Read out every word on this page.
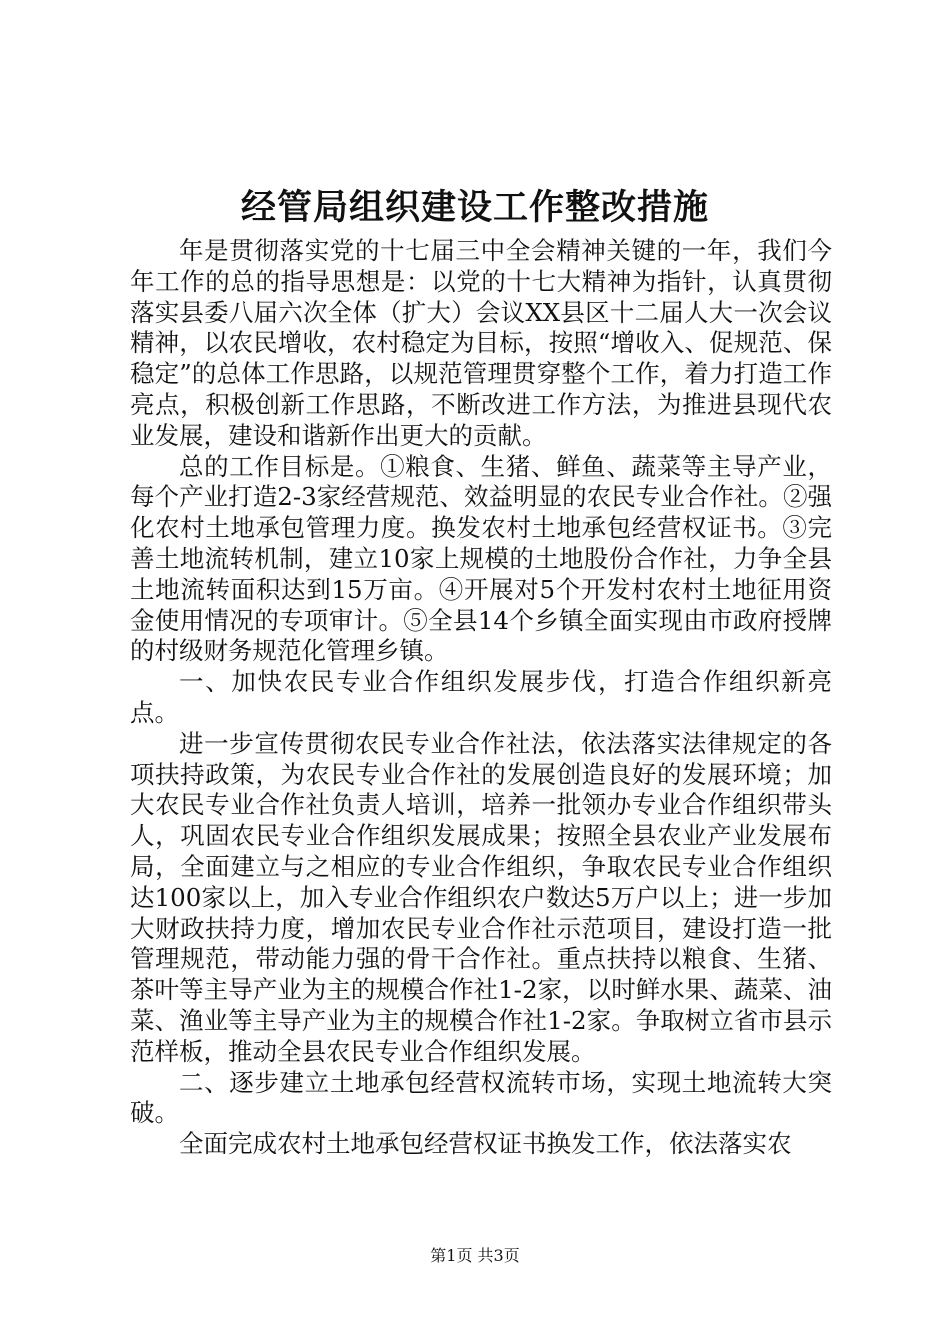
经管局组织建设工作整改措施

年是贯彻落实党的十七届三中全会精神关键的一年，我们今年工作的总的指导思想是：以党的十七大精神为指针，认真贯彻落实县委八届六次全体（扩大）会议XX县区十二届人大一次会议精神，以农民增收，农村稳定为目标，按照“增收入、促规范、保稳定”的总体工作思路，以规范管理贯穿整个工作，着力打造工作亮点，积极创新工作思路，不断改进工作方法，为推进县现代农业发展，建设和谐新作出更大的贡献。

总的工作目标是。①粮食、生猪、鲜鱼、蔬菜等主导产业，每个产业打造2-3家经营规范、效益明显的农民专业合作社。②强化农村土地承包管理力度。换发农村土地承包经营权证书。③完善土地流转机制，建立10家上规模的土地股份合作社，力争全县土地流转面积达到15万亩。④开展对5个开发村农村土地征用资金使用情况的专项审计。⑤全县14个乡镇全面实现由市政府授牌的村级财务规范化管理乡镇。

一、加快农民专业合作组织发展步伐，打造合作组织新亮点。

进一步宣传贯彻农民专业合作社法，依法落实法律规定的各项扶持政策，为农民专业合作社的发展创造良好的发展环境；加大农民专业合作社负责人培训，培养一批领办专业合作组织带头人，巩固农民专业合作组织发展成果；按照全县农业产业发展布局，全面建立与之相应的专业合作组织，争取农民专业合作组织达100家以上，加入专业合作组织农户数达5万户以上；进一步加大财政扶持力度，增加农民专业合作社示范项目，建设打造一批管理规范，带动能力强的骨干合作社。重点扶持以粮食、生猪、茶叶等主导产业为主的规模合作社1-2家，以时鲜水果、蔬菜、油菜、渔业等主导产业为主的规模合作社1-2家。争取树立省市县示范样板，推动全县农民专业合作组织发展。

二、逐步建立土地承包经营权流转市场，实现土地流转大突破。

全面完成农村土地承包经营权证书换发工作，依法落实农

第1页 共3页
